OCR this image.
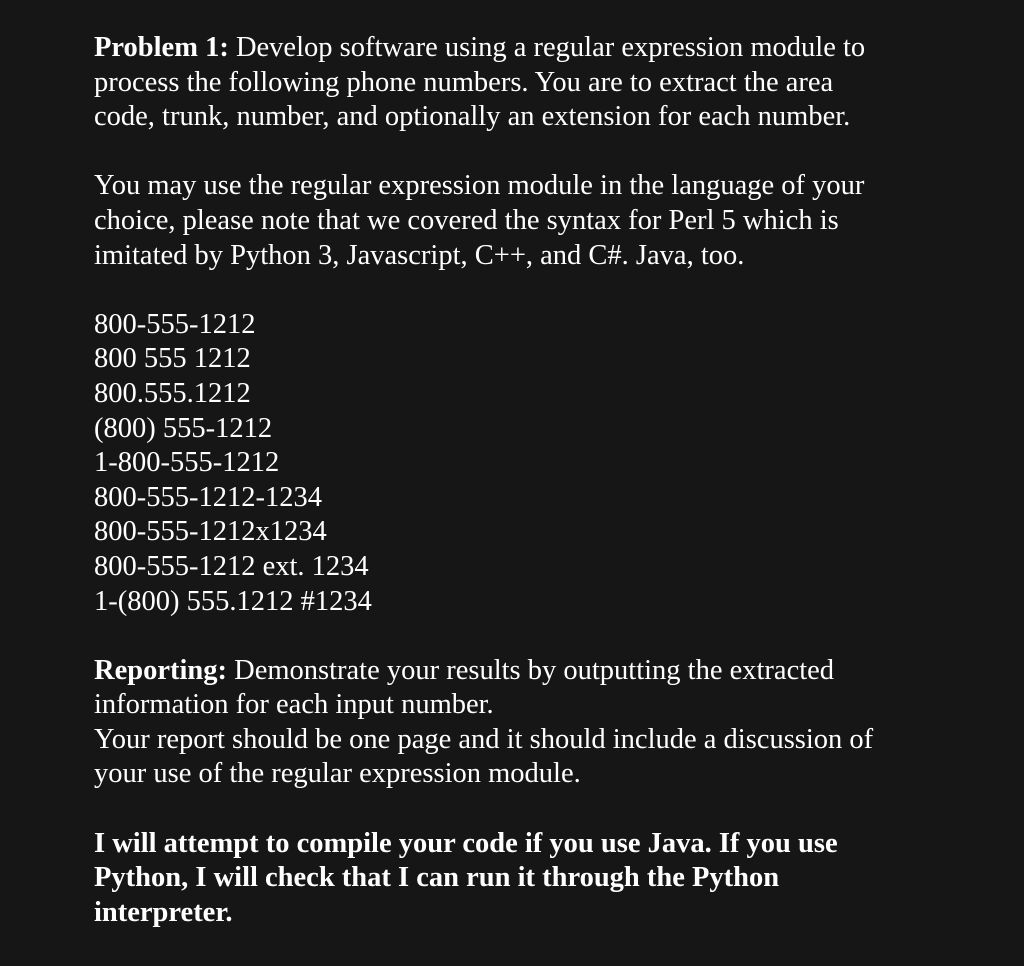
Problem 1: Develop software using a regular expression module to
process the following phone numbers. You are to extract the area
code, trunk, number, and optionally an extension for each number.
You may use the regular expression module in the language of your
choice, please note that we covered the syntax for Perl 5 which is
imitated by Python 3, Javascript, C++, and C#. Java, too.
800-555-1212
800 555 1212
800.555.1212
(800) 555-1212
1-800-555-1212
800-555-1212-1234
800-555-1212x1234
800-555-1212 ext. 1234
1-(800) 555.1212 #1234
Reporting: Demonstrate your results by outputting the extracted
information for each input number.
Your report should be one page and it should include a discussion of
your use of the regular expression module.
I will attempt to compile your code if you use Java. If you use
Python, I will check that I can run it through the Python
interpreter.
